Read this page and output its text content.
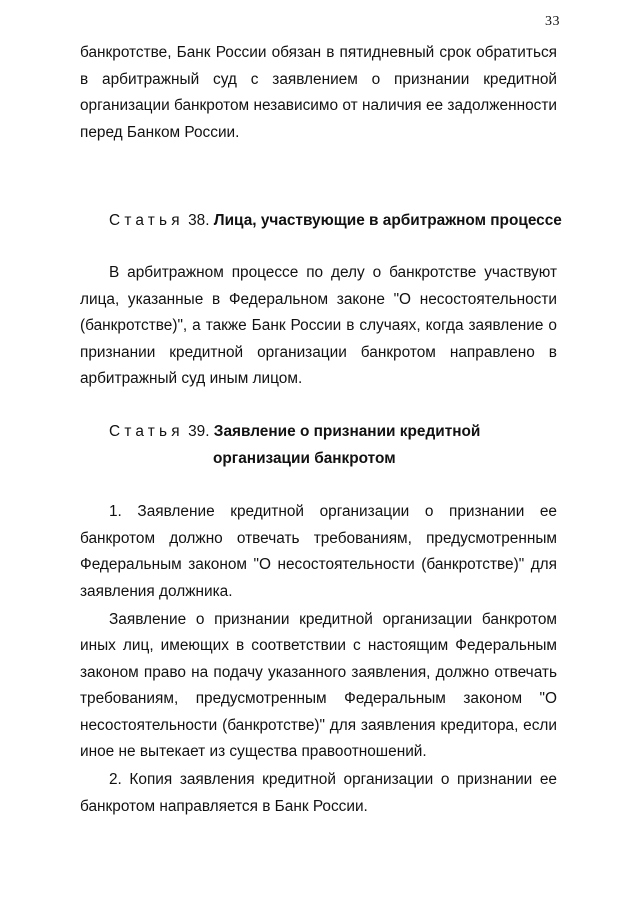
33

банкротстве, Банк России обязан в пятидневный срок обратиться в арбитражный суд с заявлением о признании кредитной организации банкротом независимо от наличия ее задолженности перед Банком России.

Статья 38. Лица, участвующие в арбитражном процессе

В арбитражном процессе по делу о банкротстве участвуют лица, указанные в Федеральном законе "О несостоятельности (банкротстве)", а также Банк России в случаях, когда заявление о признании кредитной организации банкротом направлено в арбитражный суд иным лицом.

Статья 39. Заявление о признании кредитной

организации банкротом

1. Заявление кредитной организации о признании ее банкротом должно отвечать требованиям, предусмотренным Федеральным законом "О несостоятельности (банкротстве)" для заявления должника.

Заявление о признании кредитной организации банкротом иных лиц, имеющих в соответствии с настоящим Федеральным законом право на подачу указанного заявления, должно отвечать требованиям, предусмотренным Федеральным законом "О несостоятельности (банкротстве)" для заявления кредитора, если иное не вытекает из существа правоотношений.

2. Копия заявления кредитной организации о признании ее банкротом направляется в Банк России.
